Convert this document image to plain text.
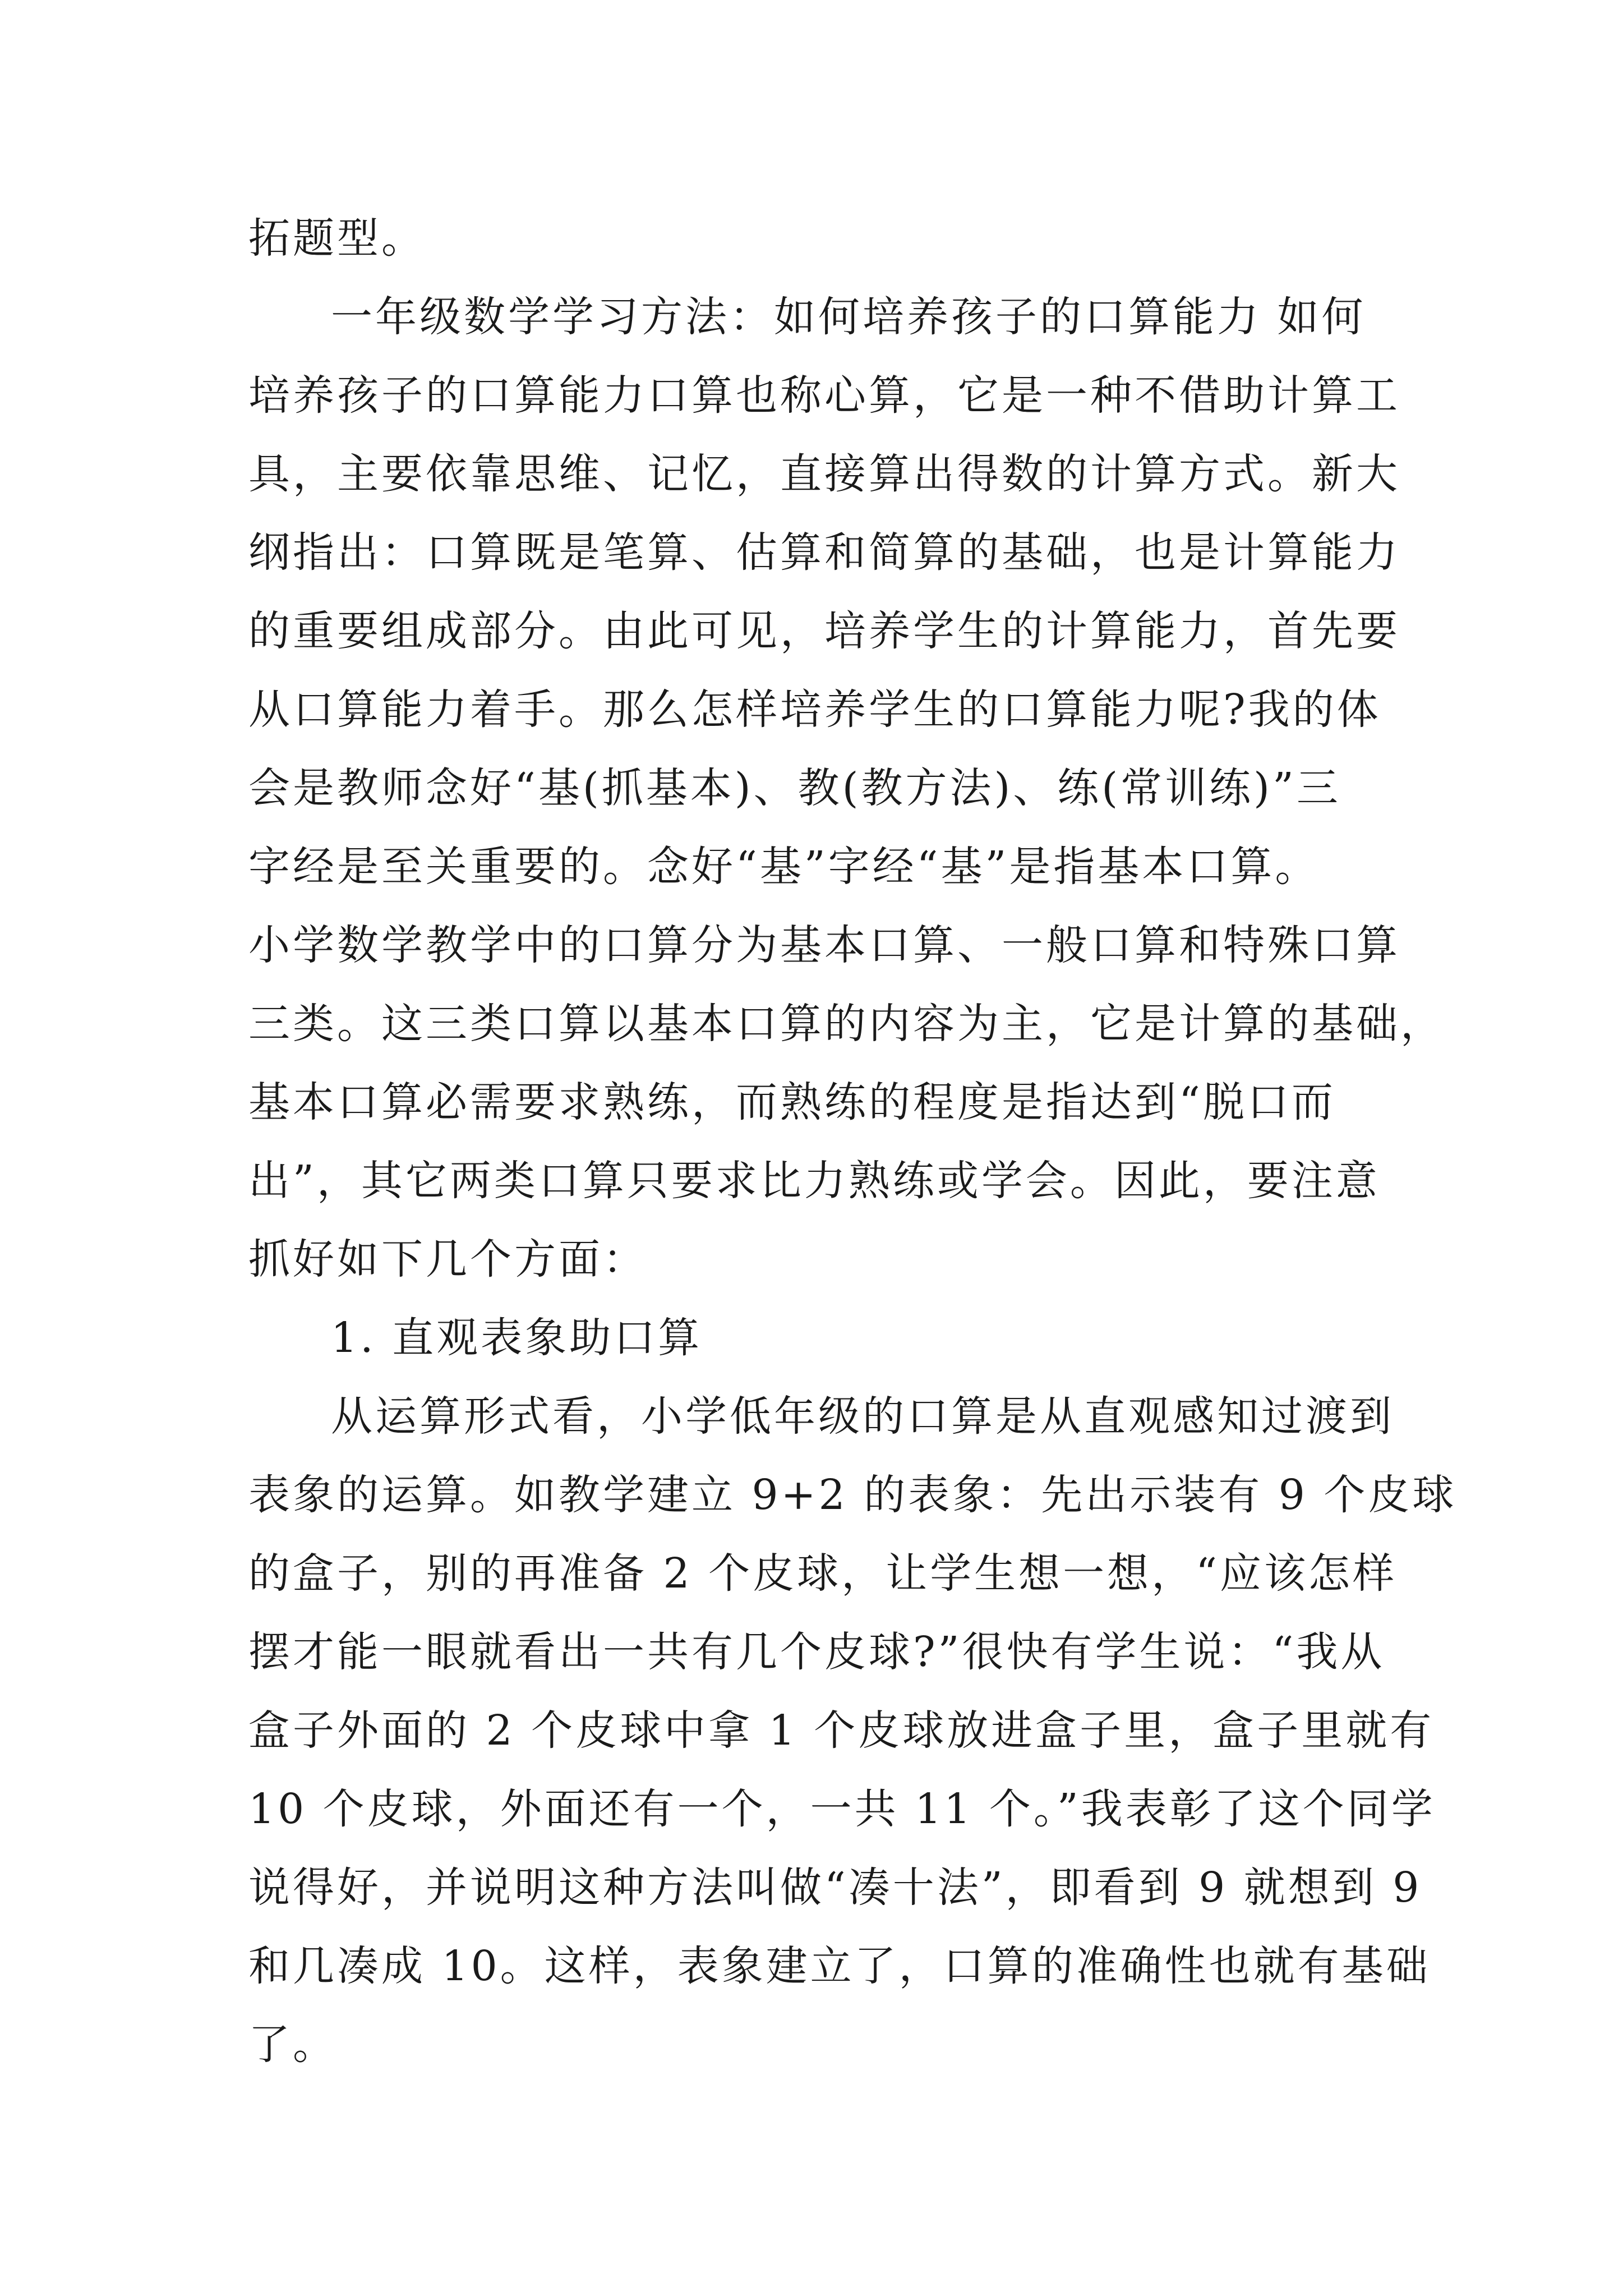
拓题型。
一年级数学学习方法：如何培养孩子的口算能力 如何
培养孩子的口算能力口算也称心算，它是一种不借助计算工
具，主要依靠思维、记忆，直接算出得数的计算方式。新大
纲指出：口算既是笔算、估算和简算的基础，也是计算能力
的重要组成部分。由此可见，培养学生的计算能力，首先要
从口算能力着手。那么怎样培养学生的口算能力呢?我的体
会是教师念好“基(抓基本)、教(教方法)、练(常训练)”三
字经是至关重要的。念好“基”字经“基”是指基本口算。
小学数学教学中的口算分为基本口算、一般口算和特殊口算
三类。这三类口算以基本口算的内容为主，它是计算的基础，
基本口算必需要求熟练，而熟练的程度是指达到“脱口而
出”，其它两类口算只要求比力熟练或学会。因此，要注意
抓好如下几个方面：
1. 直观表象助口算
从运算形式看，小学低年级的口算是从直观感知过渡到
表象的运算。如教学建立 9+2 的表象：先出示装有 9 个皮球
的盒子，别的再准备 2 个皮球，让学生想一想，“应该怎样
摆才能一眼就看出一共有几个皮球?”很快有学生说：“我从
盒子外面的 2 个皮球中拿 1 个皮球放进盒子里，盒子里就有
10 个皮球，外面还有一个，一共 11 个。”我表彰了这个同学
说得好，并说明这种方法叫做“凑十法”，即看到 9 就想到 9
和几凑成 10。这样，表象建立了，口算的准确性也就有基础
了。
